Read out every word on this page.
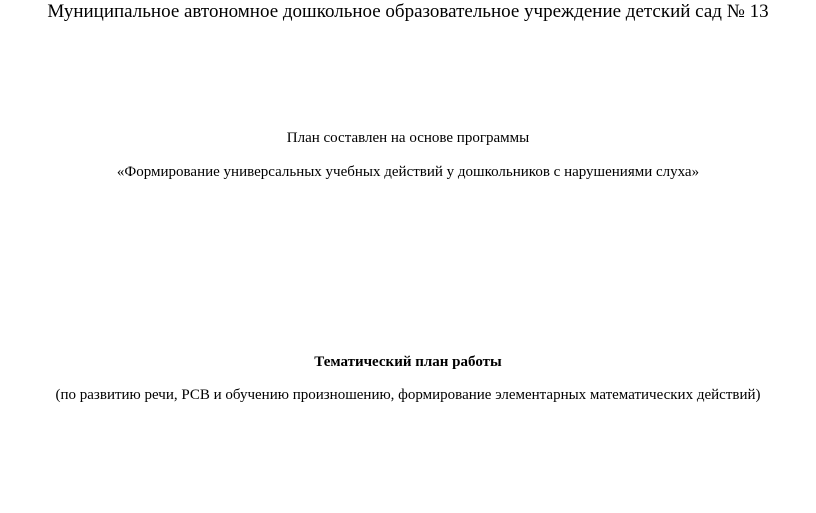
Муниципальное автономное дошкольное образовательное учреждение детский сад № 13
План составлен на основе программы
«Формирование универсальных учебных действий у дошкольников с нарушениями слуха»
Тематический план работы
(по развитию речи, РСВ и обучению произношению, формирование элементарных математических действий)
